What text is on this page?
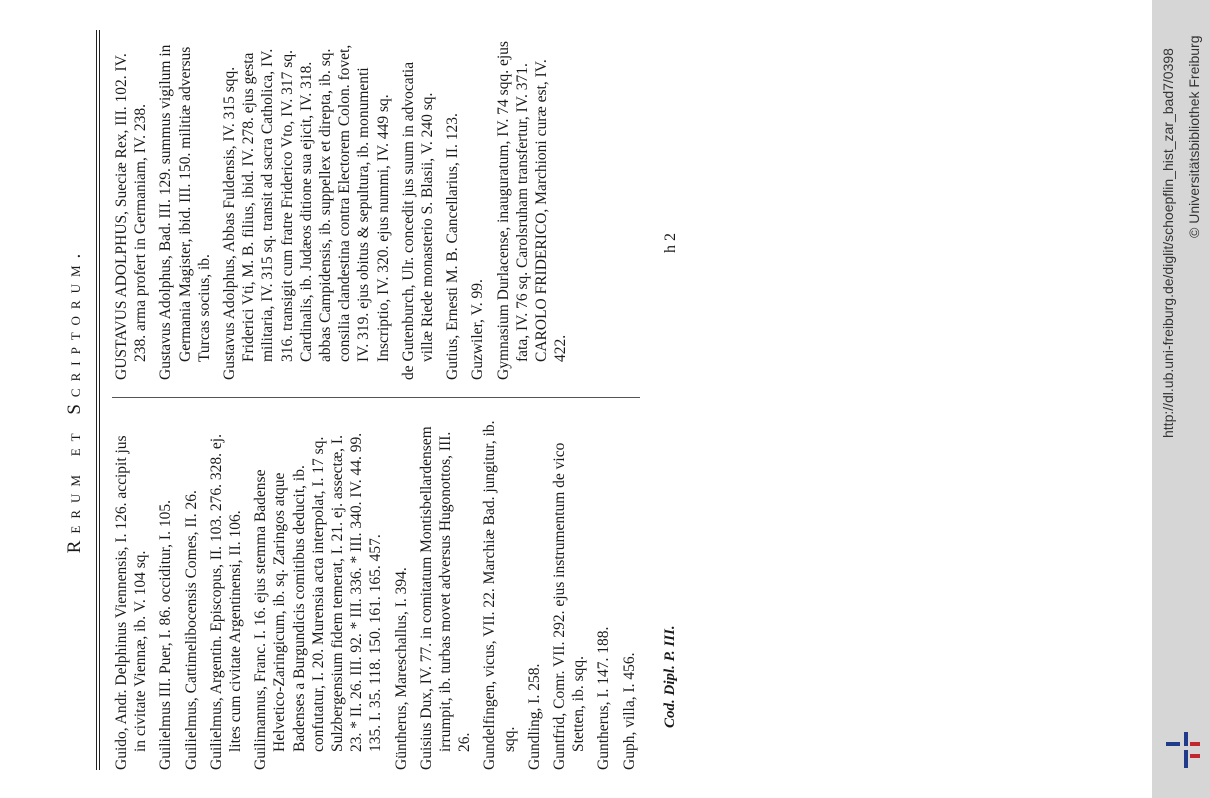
Rerum et Scriptorum.

Guido, Andr. Delphinus Viennensis, I. 126. accipit jus in civitate Viennæ, ib. V. 104 sq. Guilielmus III. Puer, I. 86. occiditur, I. 105. Guilielmus, Cattimelibocensis Comes, II. 26. Guilielmus, Argentin. Episcopus, II. 103. 276. 328. ej. lites cum civitate Argentinensi, II. 106. Guilimannus, Franc. I. 16. ejus stemma Badense Helvetico-Zaringicum, ib. sq. Zaringos atque Badenses a Burgundicis comitibus deducit, ib. confutatur, I. 20. Murensia acta interpolat, I. 17 sq. Sulzbergensium fidem temerat, I. 21. ej. assectæ, I. 23. * II. 26. III. 92. * III. 336. * III. 340. IV. 44. 99. 135. I. 35. 118. 150. 161. 165. 457. Güntherus, Mareschallus, I. 394. Guisius Dux, IV. 77. in comitatum Montisbellardensem irrumpit, ib. turbas movet adversus Hugonottos, III. 26. Gundelfingen, vicus, VII. 22. Marchiæ Bad. jungitur, ib. sqq. Gundling, I. 258. Guntfrid, Comr. VII. 292. ejus instrumentum de vico Stetten, ib. sqq. Guntherus, I. 147. 188. Guph, villa, I. 456.

GUSTAVUS ADOLPHUS, Sueciæ Rex, III. 102. IV. 238. arma profert in Germaniam, IV. 238. Gustavus Adolphus, Bad. III. 129. summus vigilum in Germania Magister, ibid. III. 150. militiæ adversus Turcas socius, ib. Gustavus Adolphus, Abbas Fuldensis, IV. 315 sqq. Friderici Vti, M. B. filius, ibid. IV. 278. ejus gesta militaria, IV. 315 sq. transit ad sacra Catholica, IV. 316. transigit cum fratre Friderico Vto, IV. 317 sq. Cardinalis, ib. Judæos ditione sua ejicit, IV. 318. abbas Campidensis, ib. suppellex et direpta, ib. sq. consilia clandestina contra Electorem Colon. fovet, IV. 319. ejus obitus & sepultura, ib. monumenti Inscriptio, IV. 320. ejus nummi, IV. 449 sq. de Gutenburch, Ulr. concedit jus suum in advocatia villæ Riede monasterio S. Blasii, V. 240 sq. Gutius, Ernesti M. B. Cancellarius, II. 123. Guzwiler, V. 99. Gymnasium Durlacense, inauguratum, IV. 74 sqq. ejus fata, IV. 76 sq. Carolsruham transfertur, IV. 371. CAROLO FRIDERICO, Marchioni curæ est, IV. 422.

Cod. Dipl. P. III.
h 2	http://dl.ub.uni-freiburg.de/diglit/schoepflin_hist_zar_bad7/0398 © Universitätsbibliothek Freiburg
